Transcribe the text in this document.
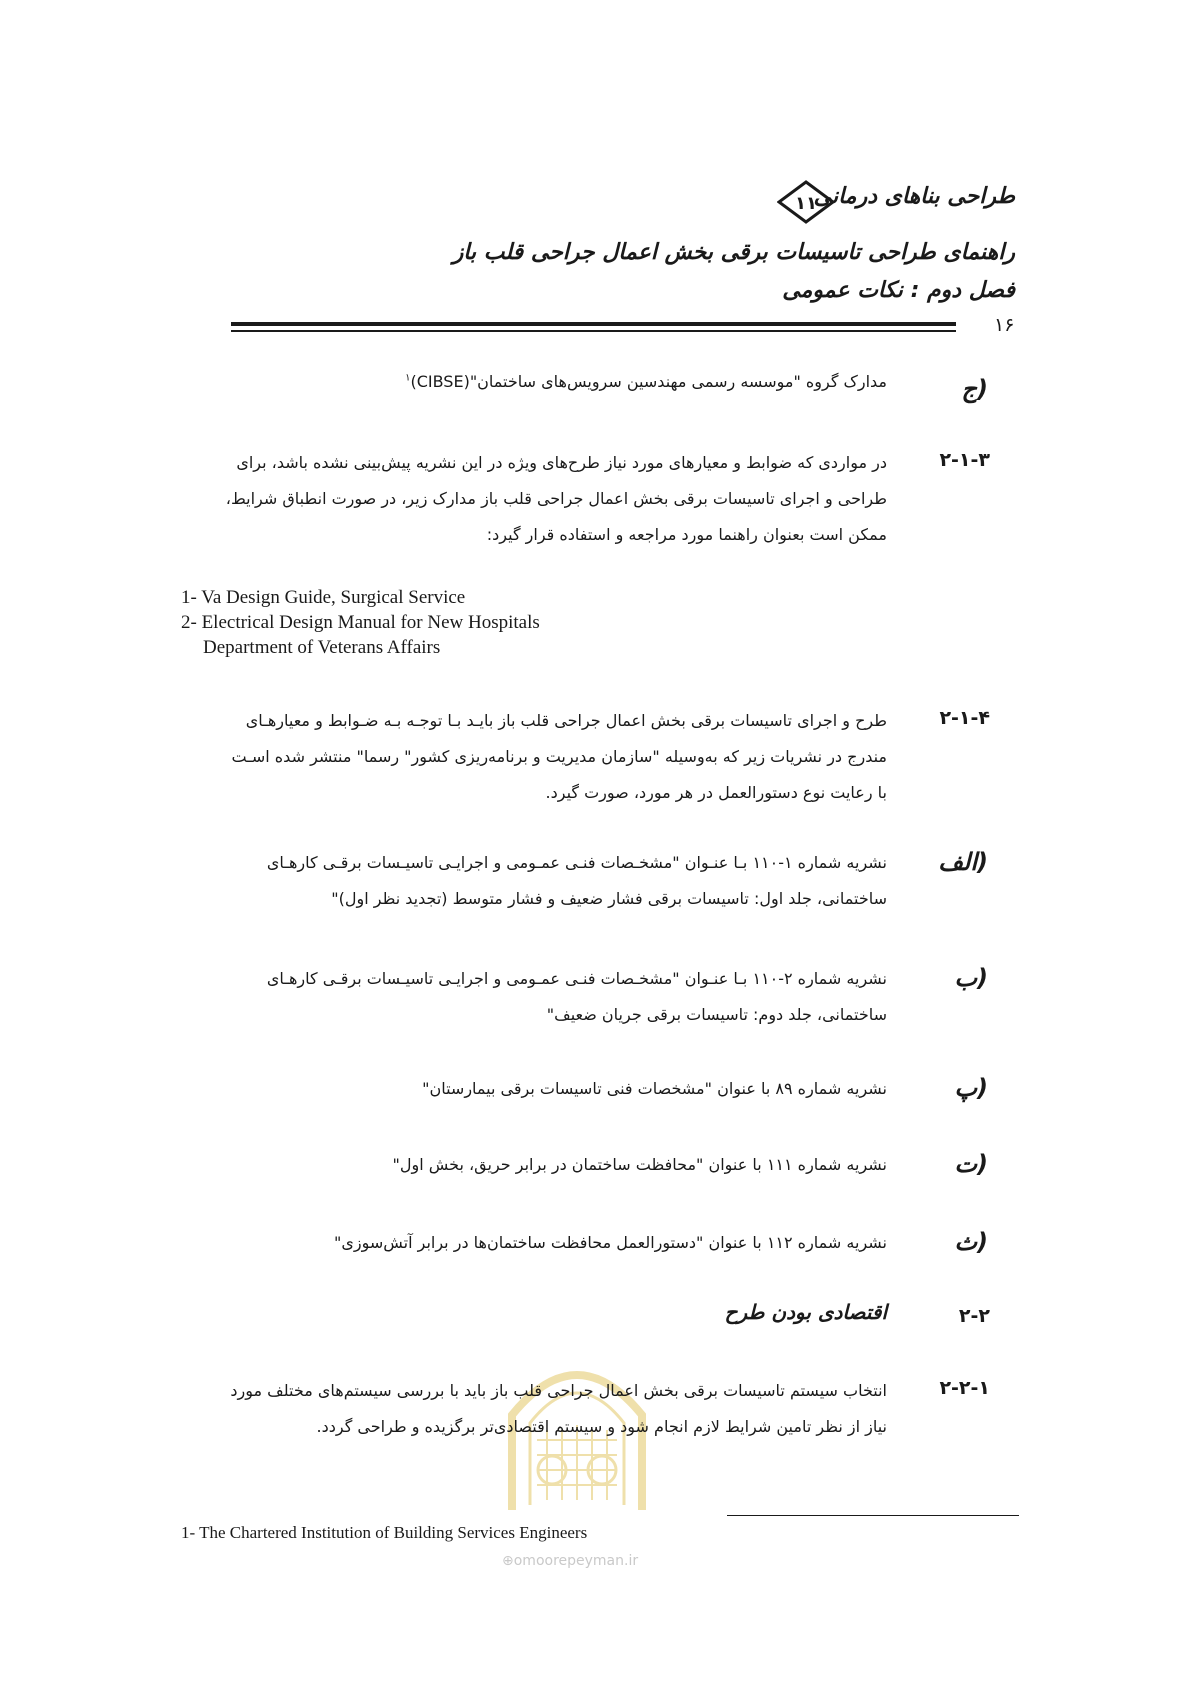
طراحی بناهای درمانی
۱۱
راهنمای طراحی تاسیسات برقی بخش اعمال جراحی قلب باز
فصل دوم : نکات عمومی
۱۶
ج)
مدارک گروه "موسسه رسمی مهندسین سرویس‌های ساختمان"(CIBSE)$^۱$
۲-۱-۳

در مواردی که ضوابط و معیارهای مورد نیاز طرح‌های ویژه در این نشریه پیش‌بینی نشده باشد، برای

طراحی و اجرای تاسیسات برقی بخش اعمال جراحی قلب باز مدارک زیر، در صورت انطباق شرایط،

ممکن است بعنوان راهنما مورد مراجعه و استفاده قرار گیرد:

1- Va Design Guide, Surgical Service
2- Electrical Design Manual for New Hospitals
Department of Veterans Affairs
۲-۱-۴

طرح و اجرای تاسیسات برقی بخش اعمال جراحی قلب باز بایـد بـا توجـه بـه ضـوابط و معیارهـای

مندرج در نشریات زیر که به‌وسیله "سازمان مدیریت و برنامه‌ریزی کشور" رسما" منتشر شده اسـت

با رعایت نوع دستورالعمل در هر مورد، صورت گیرد.

الف)

نشریه شماره ۱-۱۱۰ بـا عنـوان "مشخـصات فنـی عمـومی و اجرایـی تاسیـسات برقـی کارهـای

ساختمانی، جلد اول: تاسیسات برقی فشار ضعیف و فشار متوسط (تجدید نظر اول)"

ب)

نشریه شماره ۲-۱۱۰ بـا عنـوان "مشخـصات فنـی عمـومی و اجرایـی تاسیـسات برقـی کارهـای

ساختمانی، جلد دوم: تاسیسات برقی جریان ضعیف"

پ)

نشریه شماره ۸۹ با عنوان "مشخصات فنی تاسیسات برقی بیمارستان"

ت)

نشریه شماره ۱۱۱ با عنوان "محافظت ساختمان در برابر حریق، بخش اول"

ث)

نشریه شماره ۱۱۲ با عنوان "دستورالعمل محافظت ساختمان‌ها در برابر آتش‌سوزی"

۲-۲
اقتصادی بودن طرح
۲-۲-۱

انتخاب سیستم تاسیسات برقی بخش اعمال جراحی قلب باز باید با بررسی سیستم‌های مختلف مورد

نیاز از نظر تامین شرایط لازم انجام شود و سیستم اقتصادی‌تر برگزیده و طراحی گردد.

1- The Chartered Institution of Building Services Engineers
⊕omoorepeyman.ir
